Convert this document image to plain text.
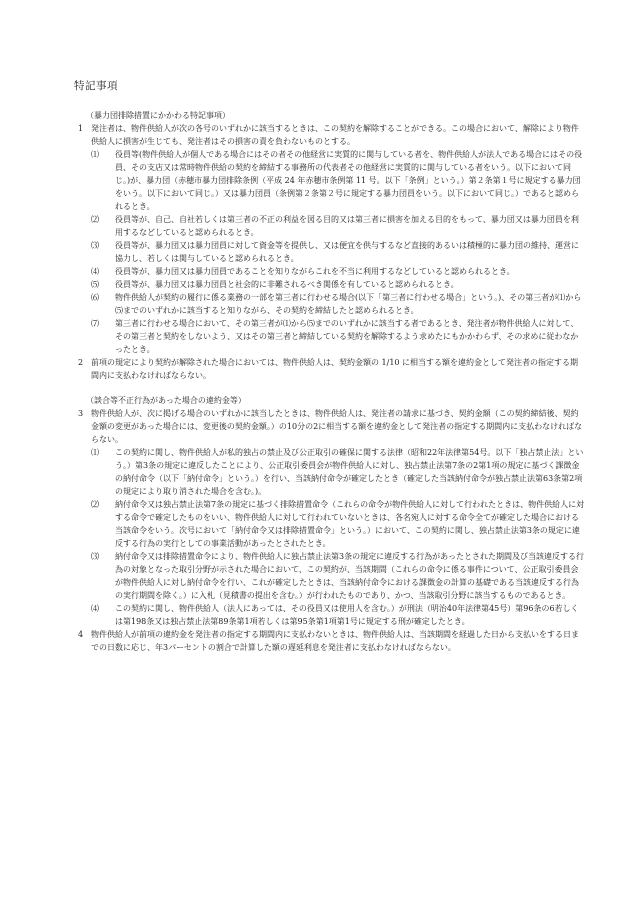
特記事項
（暴力団排除措置にかかわる特記事項）
1 発注者は、物件供給人が次の各号のいずれかに該当するときは、この契約を解除することができる。この場合において、解除により物件供給人に損害が生じても、発注者はその損害の責を負わないものとする。
⑴	役員等(物件供給人が個人である場合にはその者その他経営に実質的に関与している者を、物件供給人が法人である場合にはその役員、その支店又は常時物件供給の契約を締結する事務所の代表者その他経営に実質的に関与している者をいう。以下において同じ。)が、暴力団（赤穂市暴力団排除条例（平成 24 年赤穂市条例第 11 号。以下「条例」という。）第２条第１号に規定する暴力団をいう。以下において同じ。）又は暴力団員（条例第２条第２号に規定する暴力団員をいう。以下において同じ。）であると認められるとき。
⑵	役員等が、自己、自社若しくは第三者の不正の利益を図る目的又は第三者に損害を加える目的をもって、暴力団又は暴力団員を利用するなどしていると認められるとき。
⑶	役員等が、暴力団又は暴力団員に対して資金等を提供し、又は便宜を供与するなど直接的あるいは積極的に暴力団の維持、運営に協力し、若しくは関与していると認められるとき。
⑷	役員等が、暴力団又は暴力団員であることを知りながらこれを不当に利用するなどしていると認められるとき。
⑸	役員等が、暴力団又は暴力団員と社会的に非難されるべき関係を有していると認められるとき。
⑹	物件供給人が契約の履行に係る業務の一部を第三者に行わせる場合(以下「第三者に行わせる場合」という。)、その第三者が⑴から⑸までのいずれかに該当すると知りながら、その契約を締結したと認められるとき。
⑺	第三者に行わせる場合において、その第三者が⑴から⑸までのいずれかに該当する者であるとき、発注者が物件供給人に対して、その第三者と契約をしないよう、又はその第三者と締結している契約を解除するよう求めたにもかかわらず、その求めに従わなかったとき。
2 前項の規定により契約が解除された場合においては、物件供給人は、契約金額の 1/10 に相当する額を違約金として発注者の指定する期間内に支払わなければならない。
（談合等不正行為があった場合の違約金等）
3 物件供給人が、次に掲げる場合のいずれかに該当したときは、物件供給人は、発注者の請求に基づき、契約金額（この契約締結後、契約金額の変更があった場合には、変更後の契約金額。）の10分の2に相当する額を違約金として発注者の指定する期間内に支払わなければならない。
⑴	この契約に関し、物件供給人が私的独占の禁止及び公正取引の確保に関する法律（昭和22年法律第54号。以下「独占禁止法」という。）第3条の規定に違反したことにより、公正取引委員会が物件供給人に対し、独占禁止法第7条の2第1項の規定に基づく課徴金の納付命令（以下「納付命令」という。）を行い、当該納付命令が確定したとき（確定した当該納付命令が独占禁止法第63条第2項の規定により取り消された場合を含む。)。
⑵	納付命令又は独占禁止法第7条の規定に基づく排除措置命令（これらの命令が物件供給人に対して行われたときは、物件供給人に対する命令で確定したものをいい、物件供給人に対して行われていないときは、各名宛人に対する命令全てが確定した場合における当該命令をいう。次号において「納付命令又は排除措置命令」という。）において、この契約に関し、独占禁止法第3条の規定に違反する行為の実行としての事業活動があったとされたとき。
⑶	納付命令又は排除措置命令により、物件供給人に独占禁止法第3条の規定に違反する行為があったとされた期間及び当該違反する行為の対象となった取引分野が示された場合において、この契約が、当該期間（これらの命令に係る事件について、公正取引委員会が物件供給人に対し納付命令を行い、これが確定したときは、当該納付命令における課徴金の計算の基礎である当該違反する行為の実行期間を除く。）に入札（見積書の提出を含む。）が行われたものであり、かつ、当該取引分野に該当するものであるとき。
⑷	この契約に関し、物件供給人（法人にあっては、その役員又は使用人を含む。）が刑法（明治40年法律第45号）第96条の6若しくは第198条又は独占禁止法第89条第1項若しくは第95条第1項第1号に規定する刑が確定したとき。
4 物件供給人が前項の違約金を発注者の指定する期間内に支払わないときは、物件供給人は、当該期間を経過した日から支払いをする日までの日数に応じ、年3パーセントの割合で計算した額の遅延利息を発注者に支払わなければならない。
